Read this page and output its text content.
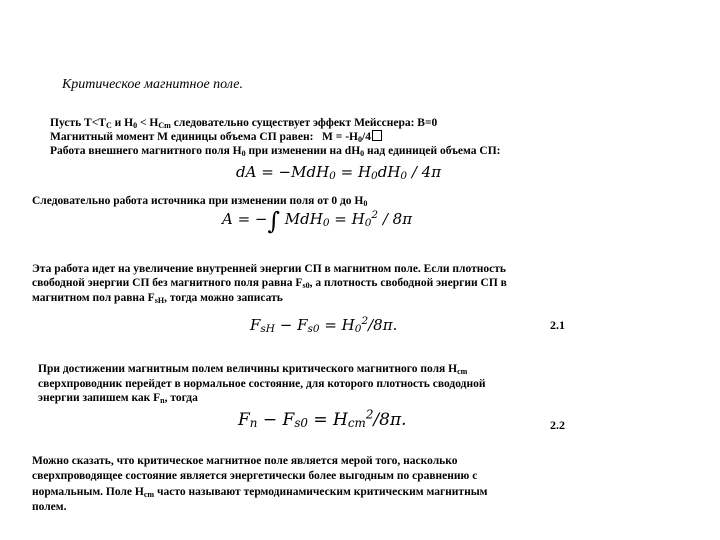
Критическое магнитное поле.
Пусть $Т<Т_C$ и $Н_0 < Н_{Cm}$ следовательно существует эффект Мейсснера: В=0
Магнитный момент М единицы объема СП равен:   $М = -Н_0/4$
Работа внешнего магнитного поля $Н_0$ при изменении на $dН_0$ над единицей объема СП:
dA = $-MdH_0 = H_0dH_0 / 4\pi$
Следовательно работа источника при изменении поля от 0 до $Н_0$
A = −∫ $MdH_0 = H_0^2 / 8\pi$
Эта работа идет на увеличение внутренней энергии СП в магнитном поле. Если плотность
свободной энергии СП без магнитного поля равна $F_{s0}$, а плотность свободной энергии СП в
магнитном пол равна $F_{sH}$, тогда можно записать
$F_{sH} - F_{s0} = H_0^2/8\pi$.	2.1
При достижении магнитным полем величины критического магнитного поля $Н_{cm}$
сверхпроводник перейдет в нормальное состояние, для которого плотность свододной
энергии запишем как $F_n$, тогда
$F_n - F_{s0} = H_{cm}^2/8\pi$.	2.2
Можно сказать, что критическое магнитное поле является мерой того, насколько
сверхпроводящее состояние является энергетически более выгодным по сравнению с
нормальным. Поле $Н_{cm}$ часто называют термодинамическим критическим магнитным
полем.
